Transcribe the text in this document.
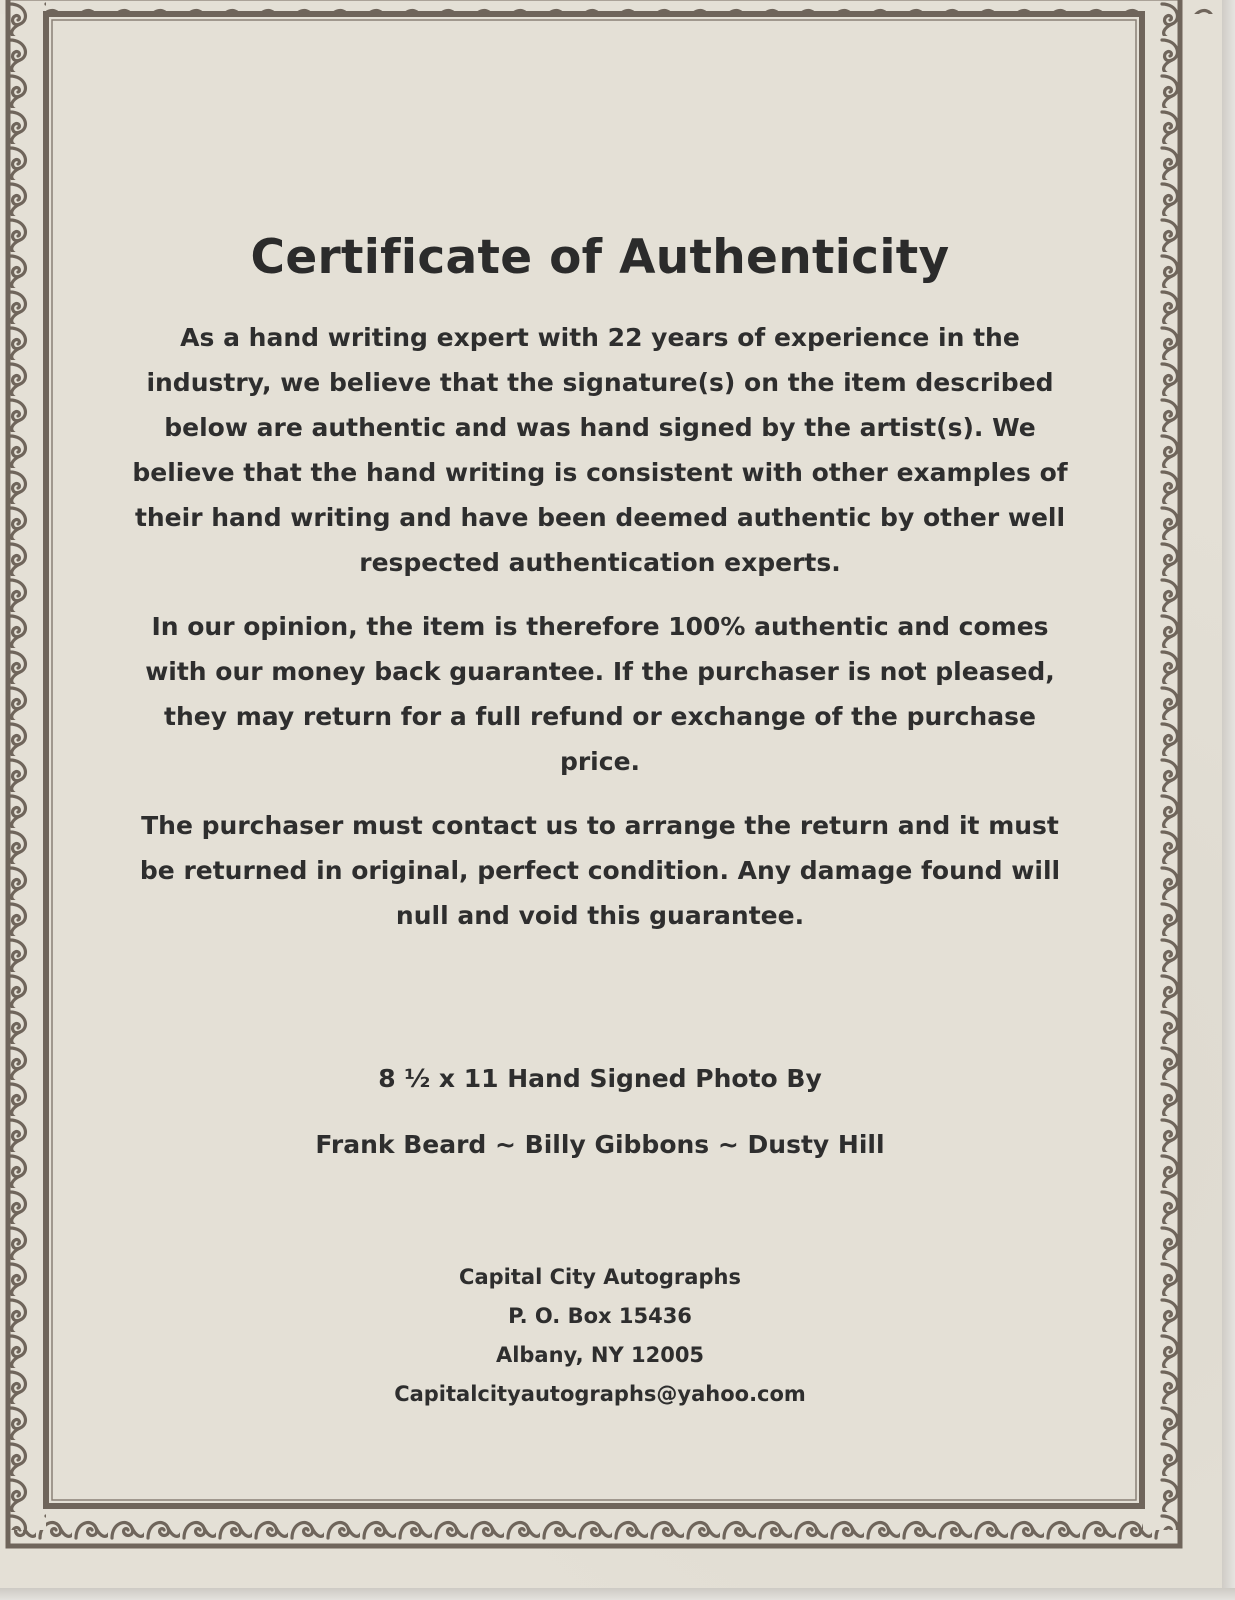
Certificate of Authenticity

As a hand writing expert with 22 years of experience in the industry, we believe that the signature(s) on the item described below are authentic and was hand signed by the artist(s). We believe that the hand writing is consistent with other examples of their hand writing and have been deemed authentic by other well respected authentication experts.

In our opinion, the item is therefore 100% authentic and comes with our money back guarantee. If the purchaser is not pleased, they may return for a full refund or exchange of the purchase price.

The purchaser must contact us to arrange the return and it must be returned in original, perfect condition. Any damage found will null and void this guarantee.

8 ½ x 11 Hand Signed Photo By
Frank Beard ~ Billy Gibbons ~ Dusty Hill
Capital City Autographs
P. O. Box 15436
Albany, NY 12005
Capitalcityautographs@yahoo.com
